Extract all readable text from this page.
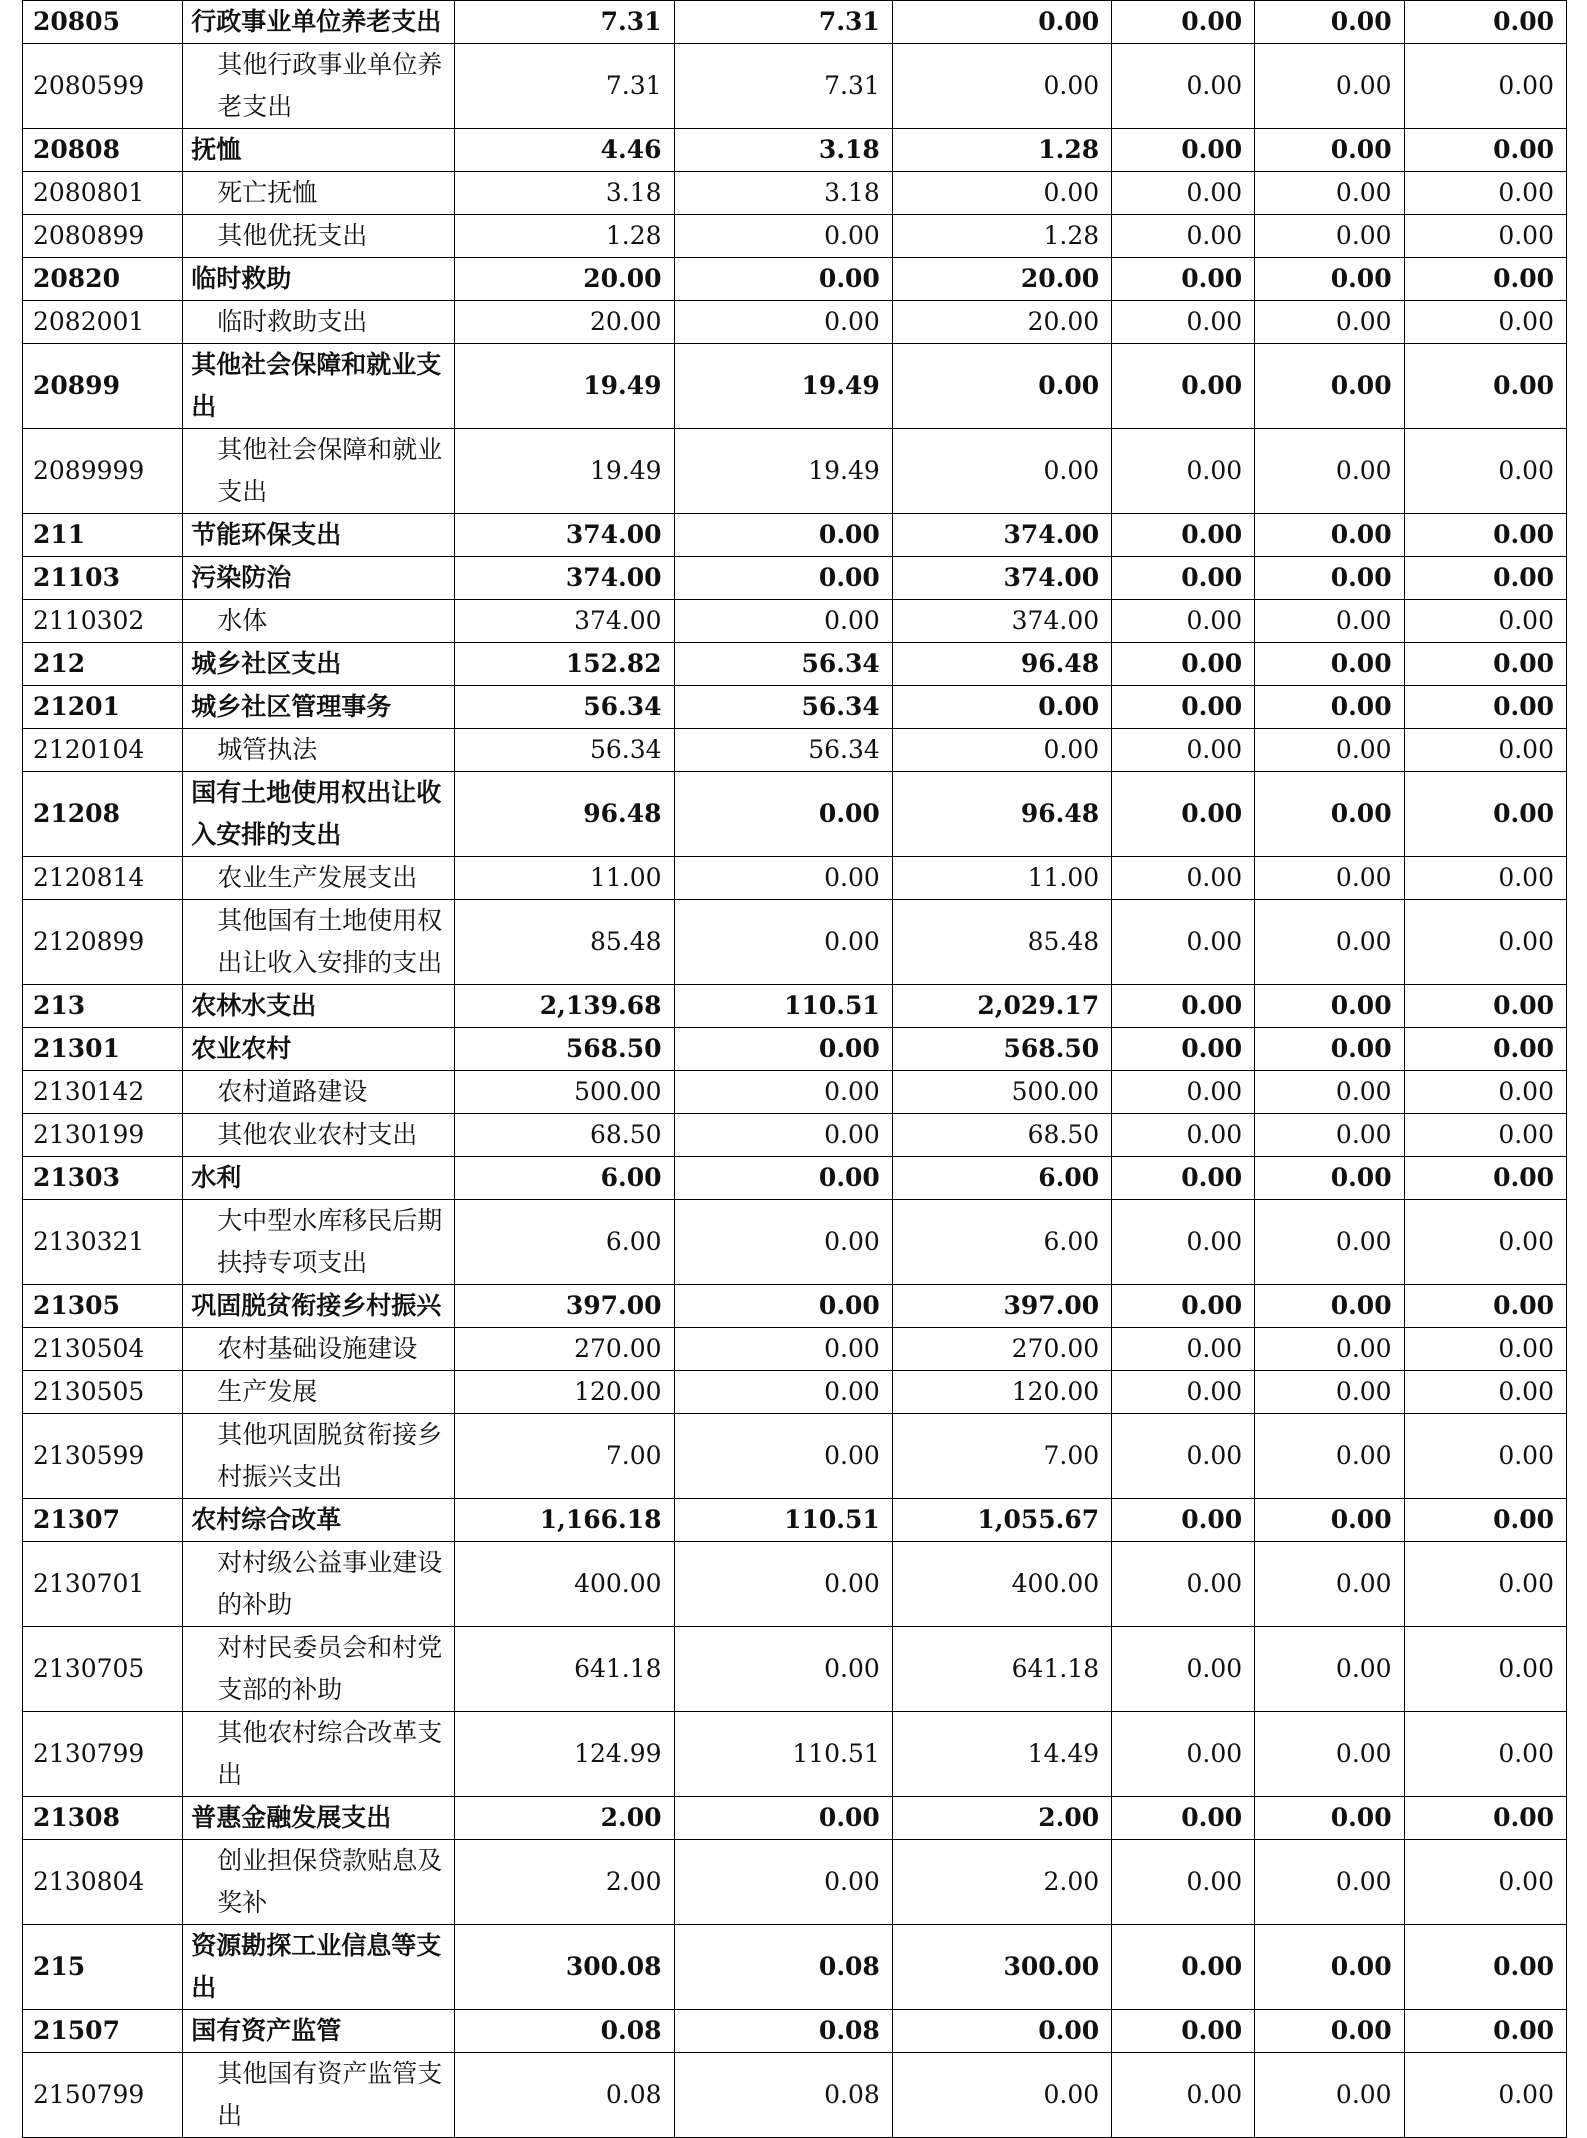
20805	行政事业单位养老支出	7.31	7.31	0.00	0.00	0.00	0.00
2080599	其他行政事业单位养老支出	7.31	7.31	0.00	0.00	0.00	0.00
20808	抚恤	4.46	3.18	1.28	0.00	0.00	0.00
2080801	死亡抚恤	3.18	3.18	0.00	0.00	0.00	0.00
2080899	其他优抚支出	1.28	0.00	1.28	0.00	0.00	0.00
20820	临时救助	20.00	0.00	20.00	0.00	0.00	0.00
2082001	临时救助支出	20.00	0.00	20.00	0.00	0.00	0.00
20899	其他社会保障和就业支出	19.49	19.49	0.00	0.00	0.00	0.00
2089999	其他社会保障和就业支出	19.49	19.49	0.00	0.00	0.00	0.00
211	节能环保支出	374.00	0.00	374.00	0.00	0.00	0.00
21103	污染防治	374.00	0.00	374.00	0.00	0.00	0.00
2110302	水体	374.00	0.00	374.00	0.00	0.00	0.00
212	城乡社区支出	152.82	56.34	96.48	0.00	0.00	0.00
21201	城乡社区管理事务	56.34	56.34	0.00	0.00	0.00	0.00
2120104	城管执法	56.34	56.34	0.00	0.00	0.00	0.00
21208	国有土地使用权出让收入安排的支出	96.48	0.00	96.48	0.00	0.00	0.00
2120814	农业生产发展支出	11.00	0.00	11.00	0.00	0.00	0.00
2120899	其他国有土地使用权出让收入安排的支出	85.48	0.00	85.48	0.00	0.00	0.00
213	农林水支出	2,139.68	110.51	2,029.17	0.00	0.00	0.00
21301	农业农村	568.50	0.00	568.50	0.00	0.00	0.00
2130142	农村道路建设	500.00	0.00	500.00	0.00	0.00	0.00
2130199	其他农业农村支出	68.50	0.00	68.50	0.00	0.00	0.00
21303	水利	6.00	0.00	6.00	0.00	0.00	0.00
2130321	大中型水库移民后期扶持专项支出	6.00	0.00	6.00	0.00	0.00	0.00
21305	巩固脱贫衔接乡村振兴	397.00	0.00	397.00	0.00	0.00	0.00
2130504	农村基础设施建设	270.00	0.00	270.00	0.00	0.00	0.00
2130505	生产发展	120.00	0.00	120.00	0.00	0.00	0.00
2130599	其他巩固脱贫衔接乡村振兴支出	7.00	0.00	7.00	0.00	0.00	0.00
21307	农村综合改革	1,166.18	110.51	1,055.67	0.00	0.00	0.00
2130701	对村级公益事业建设的补助	400.00	0.00	400.00	0.00	0.00	0.00
2130705	对村民委员会和村党支部的补助	641.18	0.00	641.18	0.00	0.00	0.00
2130799	其他农村综合改革支出	124.99	110.51	14.49	0.00	0.00	0.00
21308	普惠金融发展支出	2.00	0.00	2.00	0.00	0.00	0.00
2130804	创业担保贷款贴息及奖补	2.00	0.00	2.00	0.00	0.00	0.00
215	资源勘探工业信息等支出	300.08	0.08	300.00	0.00	0.00	0.00
21507	国有资产监管	0.08	0.08	0.00	0.00	0.00	0.00
2150799	其他国有资产监管支出	0.08	0.08	0.00	0.00	0.00	0.00
